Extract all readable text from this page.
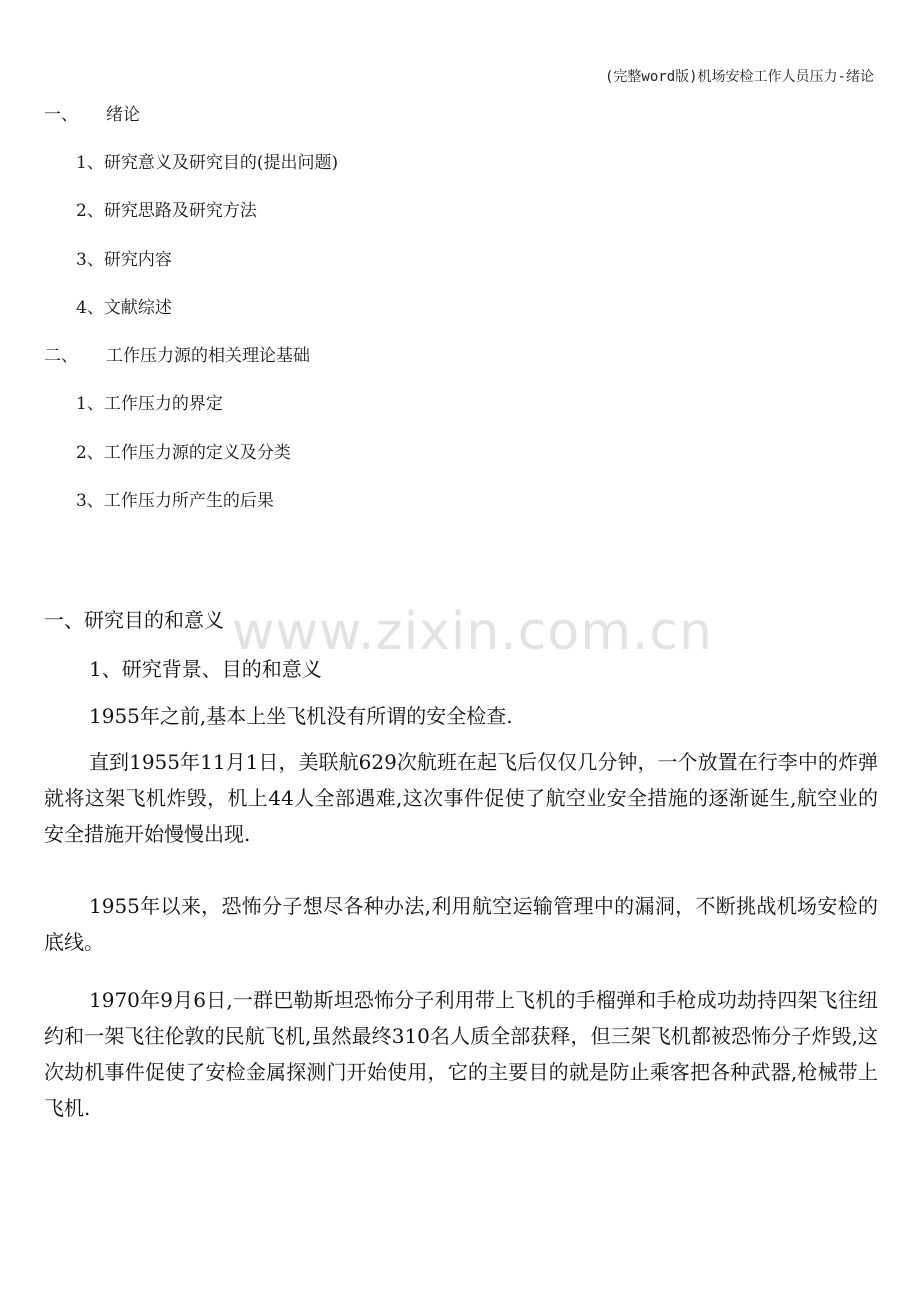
(完整word版)机场安检工作人员压力-绪论
一、 绪论
1、研究意义及研究目的(提出问题)
2、研究思路及研究方法
3、研究内容
4、文献综述
二、 工作压力源的相关理论基础
1、工作压力的界定
2、工作压力源的定义及分类
3、工作压力所产生的后果
一、研究目的和意义
1、研究背景、目的和意义

1955年之前,基本上坐飞机没有所谓的安全检查.

直到1955年11月1日，美联航629次航班在起飞后仅仅几分钟，一个放置在行李中的炸弹就将这架飞机炸毁，机上44人全部遇难,这次事件促使了航空业安全措施的逐渐诞生,航空业的安全措施开始慢慢出现.

1955年以来，恐怖分子想尽各种办法,利用航空运输管理中的漏洞，不断挑战机场安检的底线。

1970年9月6日,一群巴勒斯坦恐怖分子利用带上飞机的手榴弹和手枪成功劫持四架飞往纽约和一架飞往伦敦的民航飞机,虽然最终310名人质全部获释，但三架飞机都被恐怖分子炸毁,这次劫机事件促使了安检金属探测门开始使用，它的主要目的就是防止乘客把各种武器,枪械带上飞机.

www.zixin.com.cn
